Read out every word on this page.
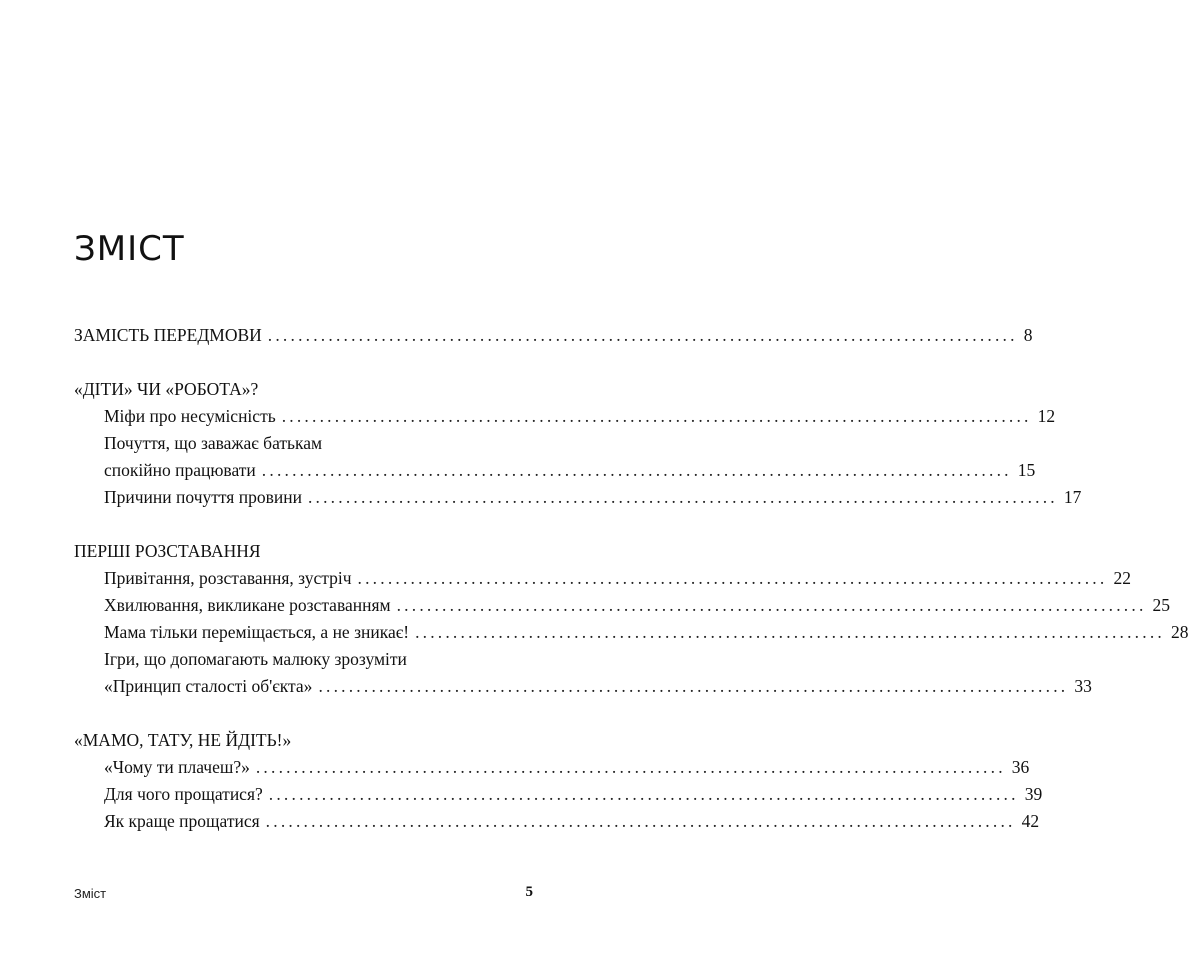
ЗМІСТ
ЗАМІСТЬ ПЕРЕДМОВИ ................................................................................................... 8
«ДІТИ» ЧИ «РОБОТА»?
Міфи про несумісність ................................................................................................... 12
Почуття, що заважає батькам
спокійно працювати ................................................................................................... 15
Причини почуття провини ................................................................................................... 17
ПЕРШІ РОЗСТАВАННЯ
Привітання, розставання, зустріч ................................................................................................... 22
Хвилювання, викликане розставанням ................................................................................................... 25
Мама тільки переміщається, а не зникає! ................................................................................................... 28
Ігри, що допомагають малюку зрозуміти
«Принцип сталості об'єкта» ................................................................................................... 33
«МАМО, ТАТУ, НЕ ЙДІТЬ!»
«Чому ти плачеш?» ................................................................................................... 36
Для чого прощатися? ................................................................................................... 39
Як краще прощатися ................................................................................................... 42
Зміст	5
